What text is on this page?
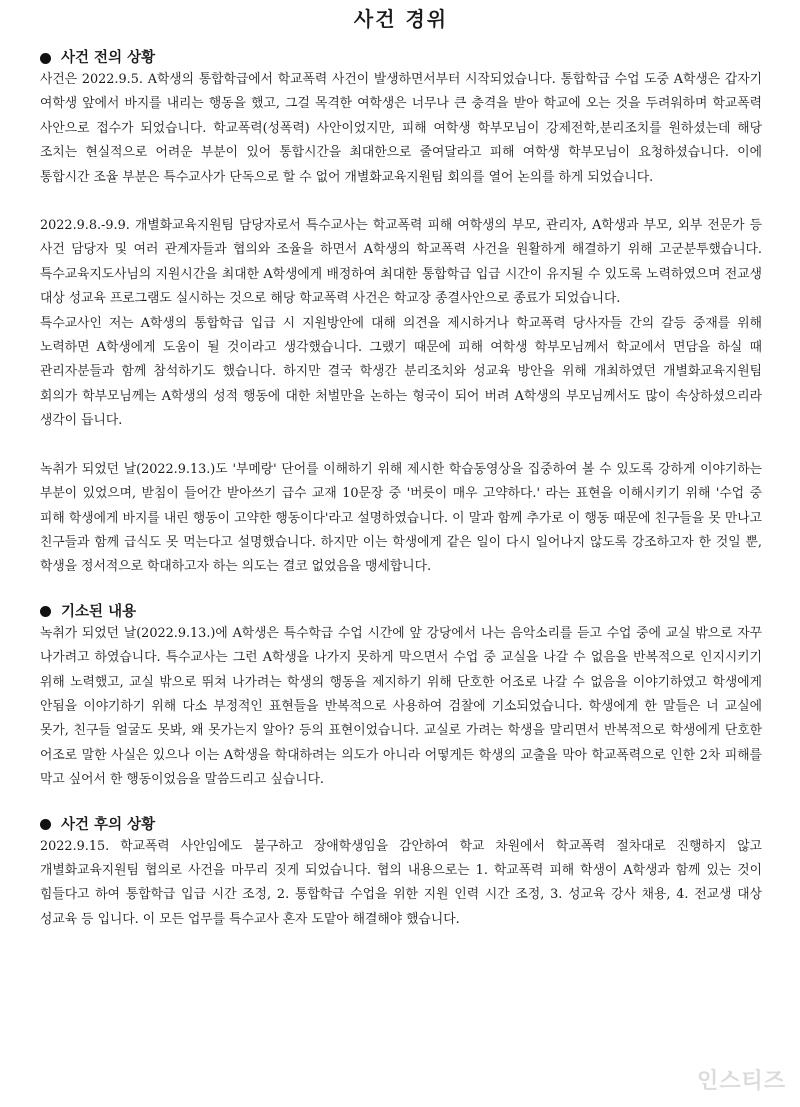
사건 경위
사건 전의 상황

사건은 2022.9.5. A학생의 통합학급에서 학교폭력 사건이 발생하면서부터 시작되었습니다. 통합학급 수업 도중 A학생은 갑자기 여학생 앞에서 바지를 내리는 행동을 했고, 그걸 목격한 여학생은 너무나 큰 충격을 받아 학교에 오는 것을 두려워하며 학교폭력 사안으로 접수가 되었습니다. 학교폭력(성폭력) 사안이었지만, 피해 여학생 학부모님이 강제전학,분리조치를 원하셨는데 해당 조치는 현실적으로 어려운 부분이 있어 통합시간을 최대한으로 줄여달라고 피해 여학생 학부모님이 요청하셨습니다. 이에 통합시간 조율 부분은 특수교사가 단독으로 할 수 없어 개별화교육지원팀 회의를 열어 논의를 하게 되었습니다.

2022.9.8.-9.9. 개별화교육지원팀 담당자로서 특수교사는 학교폭력 피해 여학생의 부모, 관리자, A학생과 부모, 외부 전문가 등 사건 담당자 및 여러 관계자들과 협의와 조율을 하면서 A학생의 학교폭력 사건을 원활하게 해결하기 위해 고군분투했습니다. 특수교육지도사님의 지원시간을 최대한 A학생에게 배정하여 최대한 통합학급 입급 시간이 유지될 수 있도록 노력하였으며 전교생 대상 성교육 프로그램도 실시하는 것으로 해당 학교폭력 사건은 학교장 종결사안으로 종료가 되었습니다.

특수교사인 저는 A학생의 통합학급 입급 시 지원방안에 대해 의견을 제시하거나 학교폭력 당사자들 간의 갈등 중재를 위해 노력하면 A학생에게 도움이 될 것이라고 생각했습니다. 그랬기 때문에 피해 여학생 학부모님께서 학교에서 면담을 하실 때 관리자분들과 함께 참석하기도 했습니다. 하지만 결국 학생간 분리조치와 성교육 방안을 위해 개최하였던 개별화교육지원팀 회의가 학부모님께는 A학생의 성적 행동에 대한 처벌만을 논하는 형국이 되어 버려 A학생의 부모님께서도 많이 속상하셨으리라 생각이 듭니다.

녹취가 되었던 날(2022.9.13.)도 '부메랑' 단어를 이해하기 위해 제시한 학습동영상을 집중하여 볼 수 있도록 강하게 이야기하는 부분이 있었으며, 받침이 들어간 받아쓰기 급수 교재 10문장 중 '버릇이 매우 고약하다.' 라는 표현을 이해시키기 위해 '수업 중 피해 학생에게 바지를 내린 행동이 고약한 행동이다'라고 설명하였습니다. 이 말과 함께 추가로 이 행동 때문에 친구들을 못 만나고 친구들과 함께 급식도 못 먹는다고 설명했습니다. 하지만 이는 학생에게 같은 일이 다시 일어나지 않도록 강조하고자 한 것일 뿐, 학생을 정서적으로 학대하고자 하는 의도는 결코 없었음을 맹세합니다.

기소된 내용

녹취가 되었던 날(2022.9.13.)에 A학생은 특수학급 수업 시간에 앞 강당에서 나는 음악소리를 듣고 수업 중에 교실 밖으로 자꾸 나가려고 하였습니다. 특수교사는 그런 A학생을 나가지 못하게 막으면서 수업 중 교실을 나갈 수 없음을 반복적으로 인지시키기 위해 노력했고, 교실 밖으로 뛰쳐 나가려는 학생의 행동을 제지하기 위해 단호한 어조로 나갈 수 없음을 이야기하였고 학생에게 안됨을 이야기하기 위해 다소 부정적인 표현들을 반복적으로 사용하여 검찰에 기소되었습니다. 학생에게 한 말들은 너 교실에 못가, 친구들 얼굴도 못봐, 왜 못가는지 알아? 등의 표현이었습니다. 교실로 가려는 학생을 말리면서 반복적으로 학생에게 단호한 어조로 말한 사실은 있으나 이는 A학생을 학대하려는 의도가 아니라 어떻게든 학생의 교출을 막아 학교폭력으로 인한 2차 피해를 막고 싶어서 한 행동이었음을 말씀드리고 싶습니다.

사건 후의 상황

2022.9.15. 학교폭력 사안임에도 불구하고 장애학생임을 감안하여 학교 차원에서 학교폭력 절차대로 진행하지 않고 개별화교육지원팀 협의로 사건을 마무리 짓게 되었습니다. 협의 내용으로는 1. 학교폭력 피해 학생이 A학생과 함께 있는 것이 힘들다고 하여 통합학급 입급 시간 조정, 2. 통합학급 수업을 위한 지원 인력 시간 조정, 3. 성교육 강사 채용, 4. 전교생 대상 성교육 등 입니다. 이 모든 업무를 특수교사 혼자 도맡아 해결해야 했습니다.

인스티즈
